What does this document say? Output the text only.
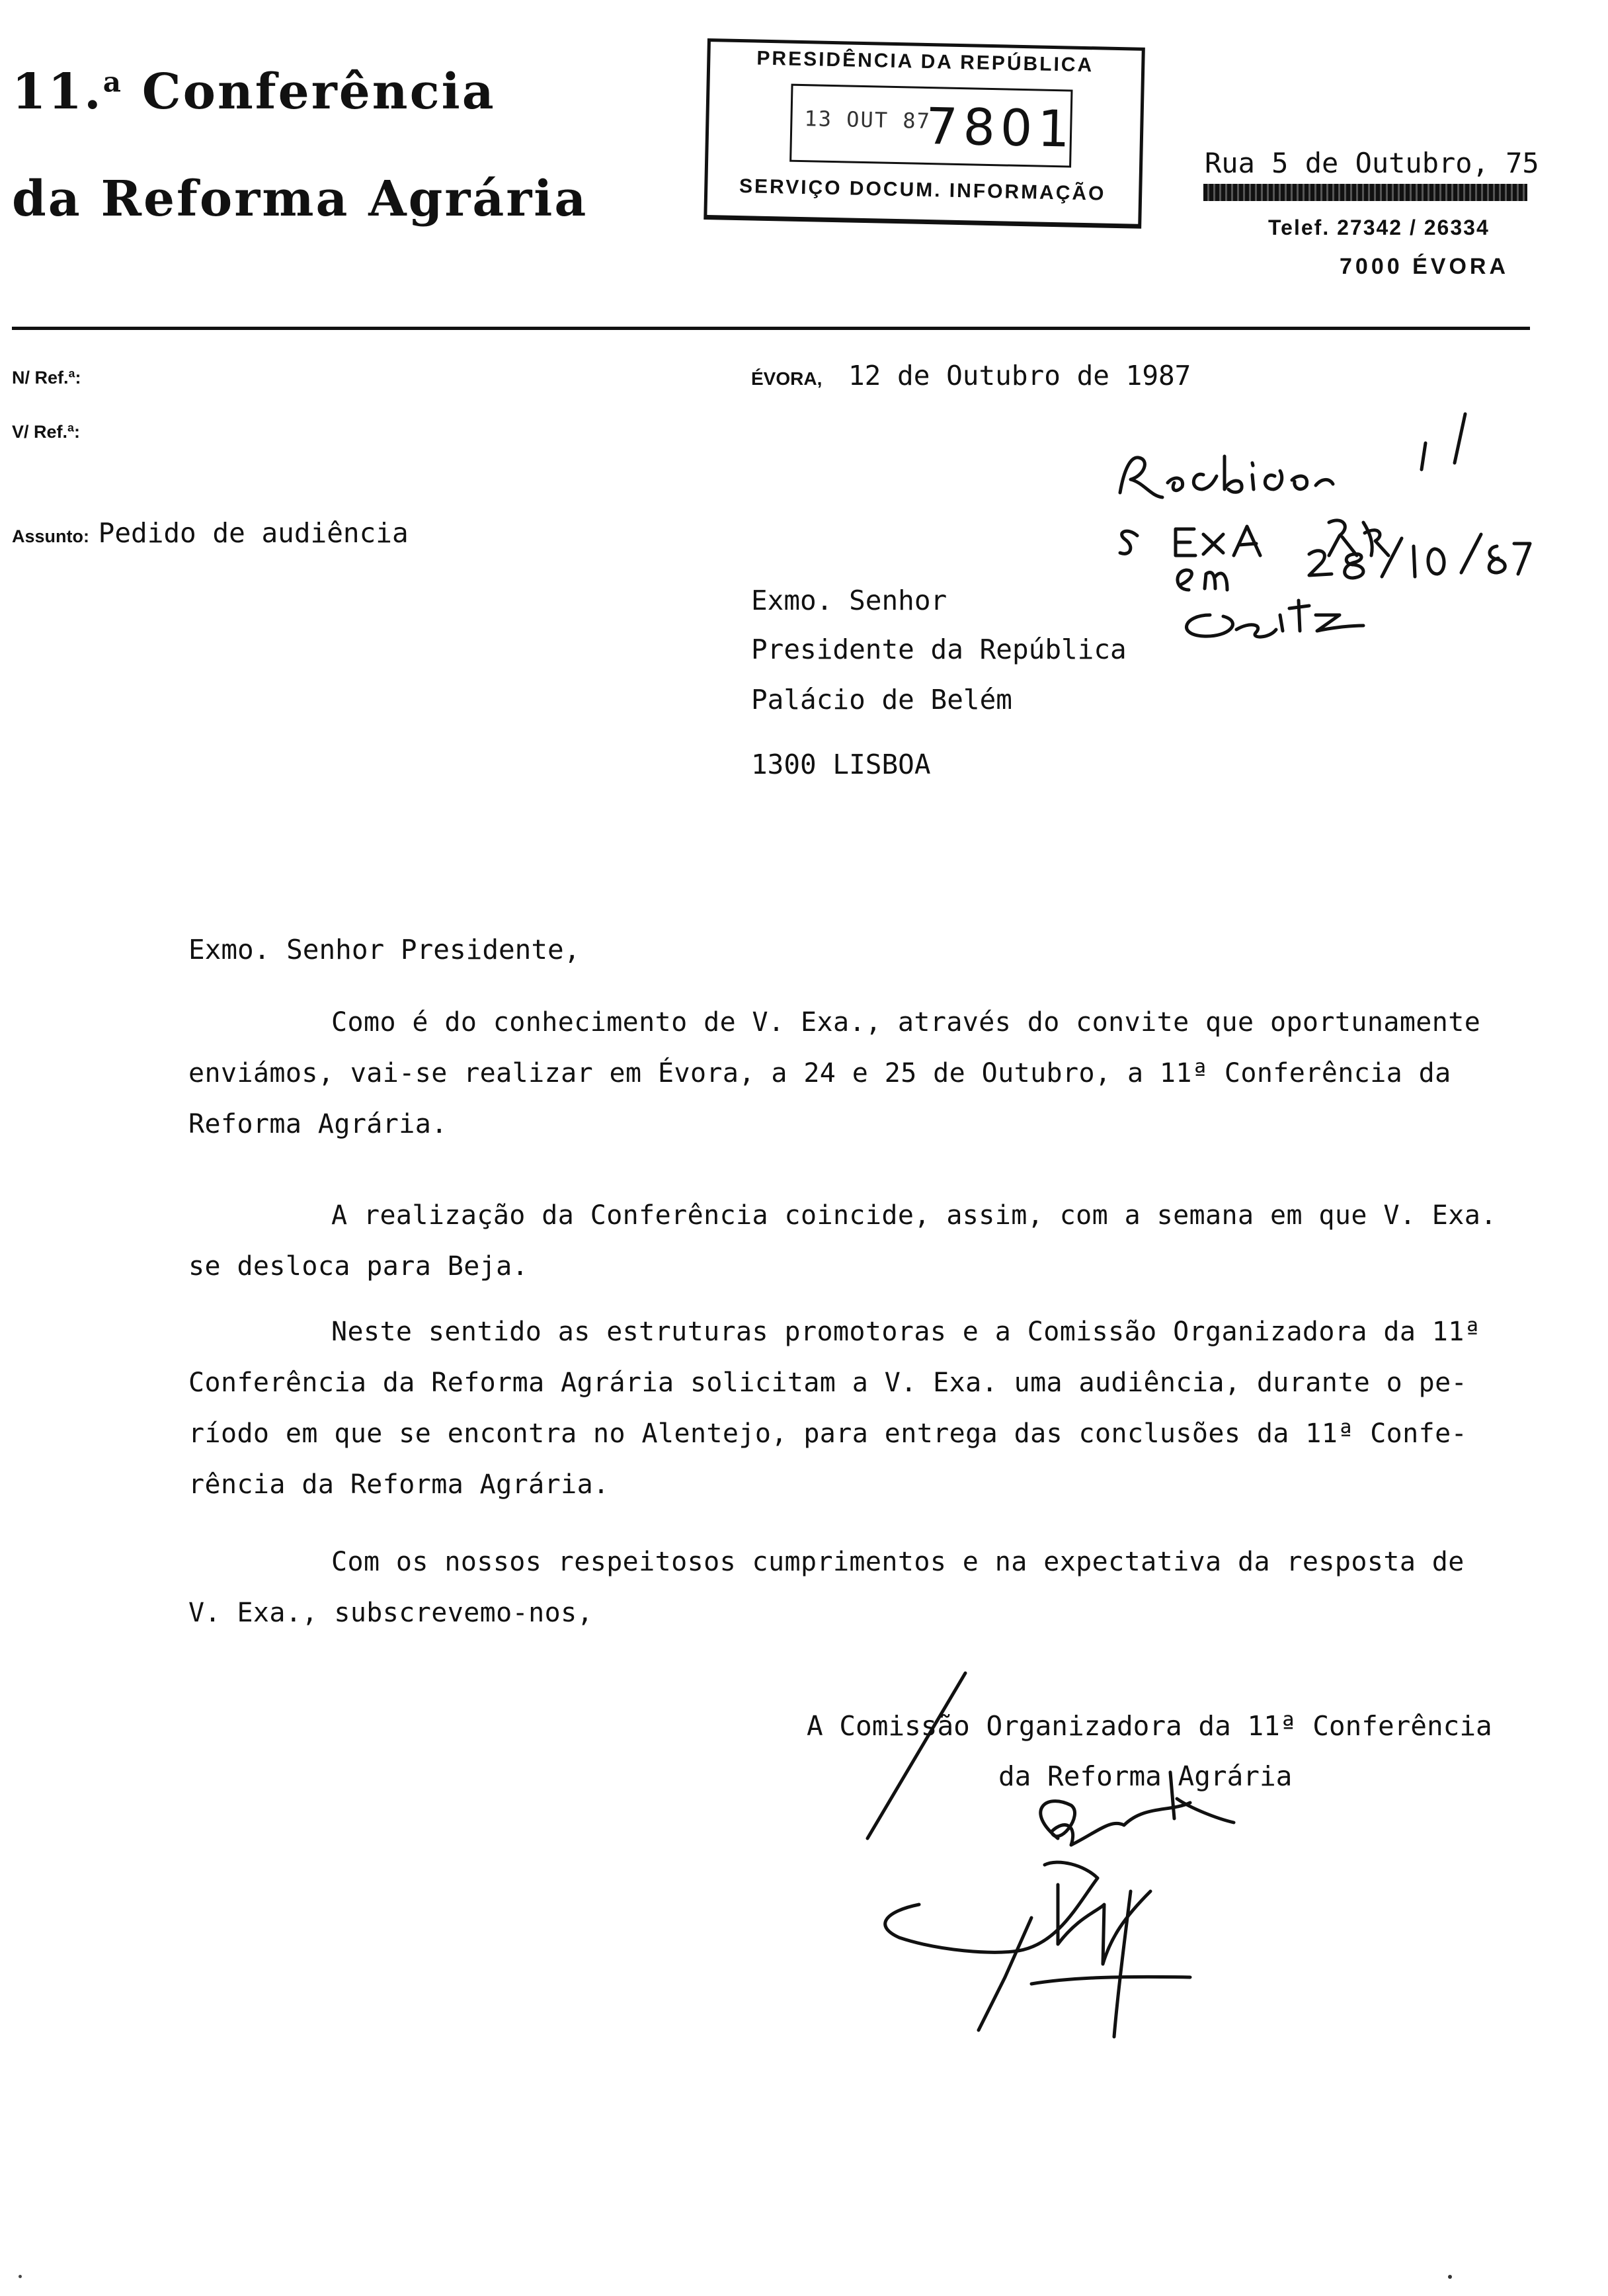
11.$^a$ Conferência
da Reforma Agrária
PRESIDÊNCIA DA REPÚBLICA
13 OUT 87
7801
SERVIÇO DOCUM. INFORMAÇÃO
Rua 5 de Outubro, 75
Telef. 27342 / 26334
7000 ÉVORA
N/ Ref.ª:
V/ Ref.ª:
Assunto: Pedido de audiência
ÉVORA, 12 de Outubro de 1987
Exmo. Senhor
Presidente da República
Palácio de Belém
1300 LISBOA
Exmo. Senhor Presidente,
Como é do conhecimento de V. Exa., através do convite que oportunamente
enviámos, vai-se realizar em Évora, a 24 e 25 de Outubro, a 11ª Conferência da
Reforma Agrária.
A realização da Conferência coincide, assim, com a semana em que V. Exa.
se desloca para Beja.
Neste sentido as estruturas promotoras e a Comissão Organizadora da 11ª
Conferência da Reforma Agrária solicitam a V. Exa. uma audiência, durante o pe-
ríodo em que se encontra no Alentejo, para entrega das conclusões da 11ª Confe-
rência da Reforma Agrária.
Com os nossos respeitosos cumprimentos e na expectativa da resposta de
V. Exa., subscrevemo-nos,
A Comissão Organizadora da 11ª Conferência
da Reforma Agrária
